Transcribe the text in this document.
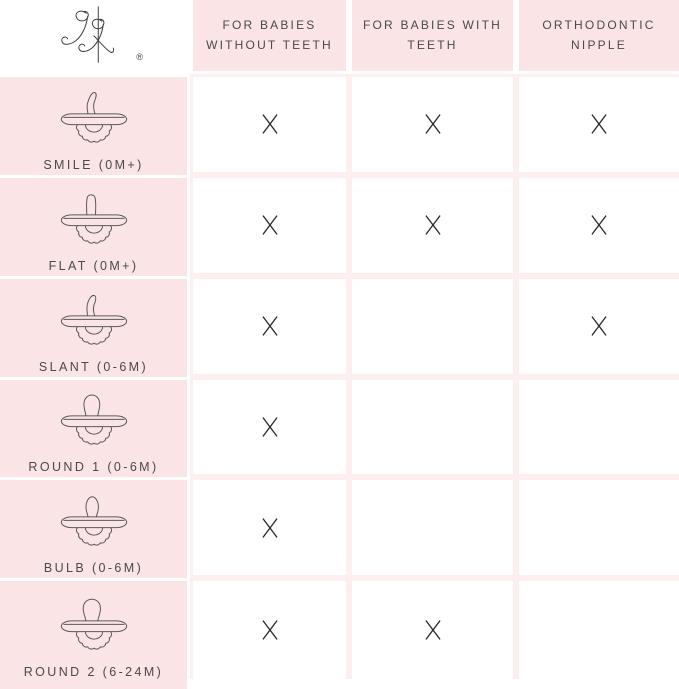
®
FOR BABIES WITHOUT TEETH
FOR BABIES WITH TEETH
ORTHODONTIC NIPPLE
SMILE (0M+)
FLAT (0M+)
SLANT (0-6M)
ROUND 1 (0-6M)
BULB (0-6M)
ROUND 2 (6-24M)
